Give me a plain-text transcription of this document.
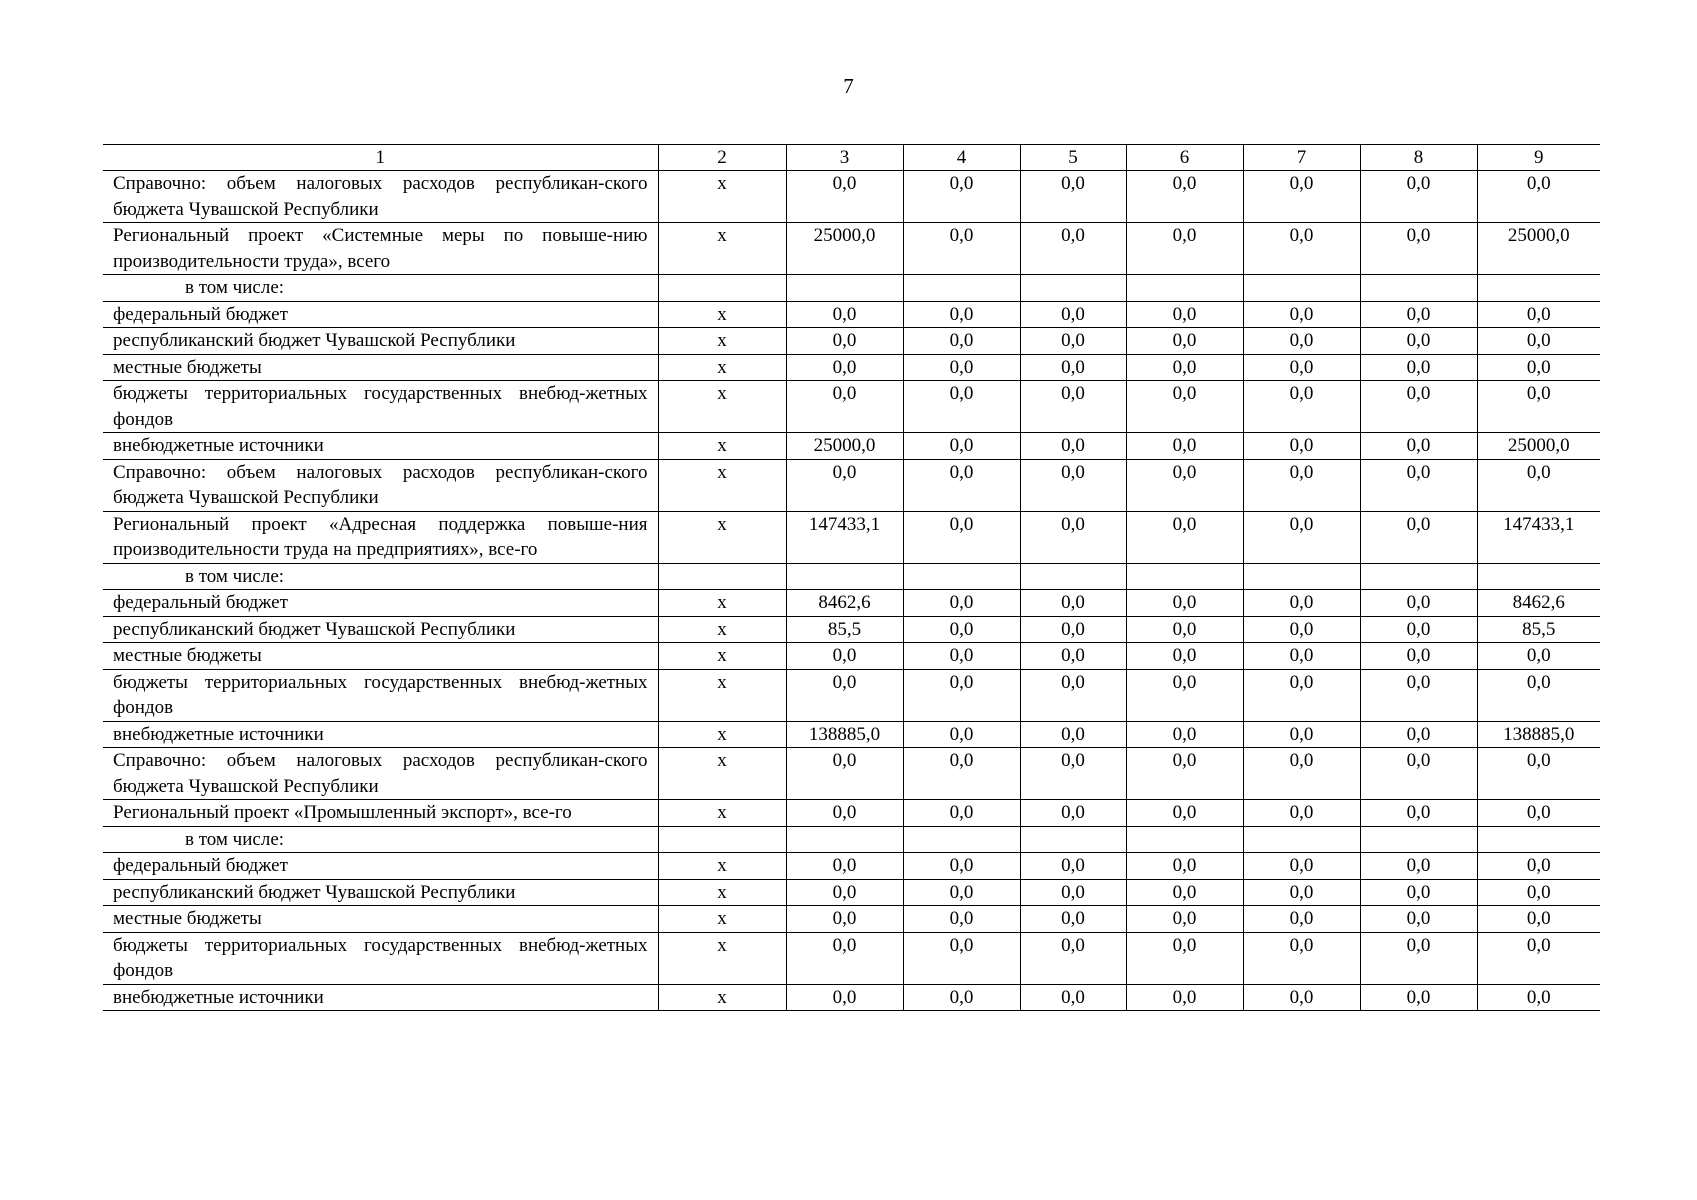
7
1	2	3	4	5	6	7	8	9
Справочно: объем налоговых расходов республикан-ского бюджета Чувашской Республики	х	0,0	0,0	0,0	0,0	0,0	0,0	0,0
Региональный проект «Системные меры по повыше-нию производительности труда», всего	х	25000,0	0,0	0,0	0,0	0,0	0,0	25000,0
в том числе:								
федеральный бюджет	х	0,0	0,0	0,0	0,0	0,0	0,0	0,0
республиканский бюджет Чувашской Республики	х	0,0	0,0	0,0	0,0	0,0	0,0	0,0
местные бюджеты	х	0,0	0,0	0,0	0,0	0,0	0,0	0,0
бюджеты территориальных государственных внебюд-жетных фондов	х	0,0	0,0	0,0	0,0	0,0	0,0	0,0
внебюджетные источники	х	25000,0	0,0	0,0	0,0	0,0	0,0	25000,0
Справочно: объем налоговых расходов республикан-ского бюджета Чувашской Республики	х	0,0	0,0	0,0	0,0	0,0	0,0	0,0
Региональный проект «Адресная поддержка повыше-ния производительности труда на предприятиях», все-го	х	147433,1	0,0	0,0	0,0	0,0	0,0	147433,1
в том числе:								
федеральный бюджет	х	8462,6	0,0	0,0	0,0	0,0	0,0	8462,6
республиканский бюджет Чувашской Республики	х	85,5	0,0	0,0	0,0	0,0	0,0	85,5
местные бюджеты	х	0,0	0,0	0,0	0,0	0,0	0,0	0,0
бюджеты территориальных государственных внебюд-жетных фондов	х	0,0	0,0	0,0	0,0	0,0	0,0	0,0
внебюджетные источники	х	138885,0	0,0	0,0	0,0	0,0	0,0	138885,0
Справочно: объем налоговых расходов республикан-ского бюджета Чувашской Республики	х	0,0	0,0	0,0	0,0	0,0	0,0	0,0
Региональный проект «Промышленный экспорт», все-го	х	0,0	0,0	0,0	0,0	0,0	0,0	0,0
в том числе:								
федеральный бюджет	х	0,0	0,0	0,0	0,0	0,0	0,0	0,0
республиканский бюджет Чувашской Республики	х	0,0	0,0	0,0	0,0	0,0	0,0	0,0
местные бюджеты	х	0,0	0,0	0,0	0,0	0,0	0,0	0,0
бюджеты территориальных государственных внебюд-жетных фондов	х	0,0	0,0	0,0	0,0	0,0	0,0	0,0
внебюджетные источники	х	0,0	0,0	0,0	0,0	0,0	0,0	0,0
